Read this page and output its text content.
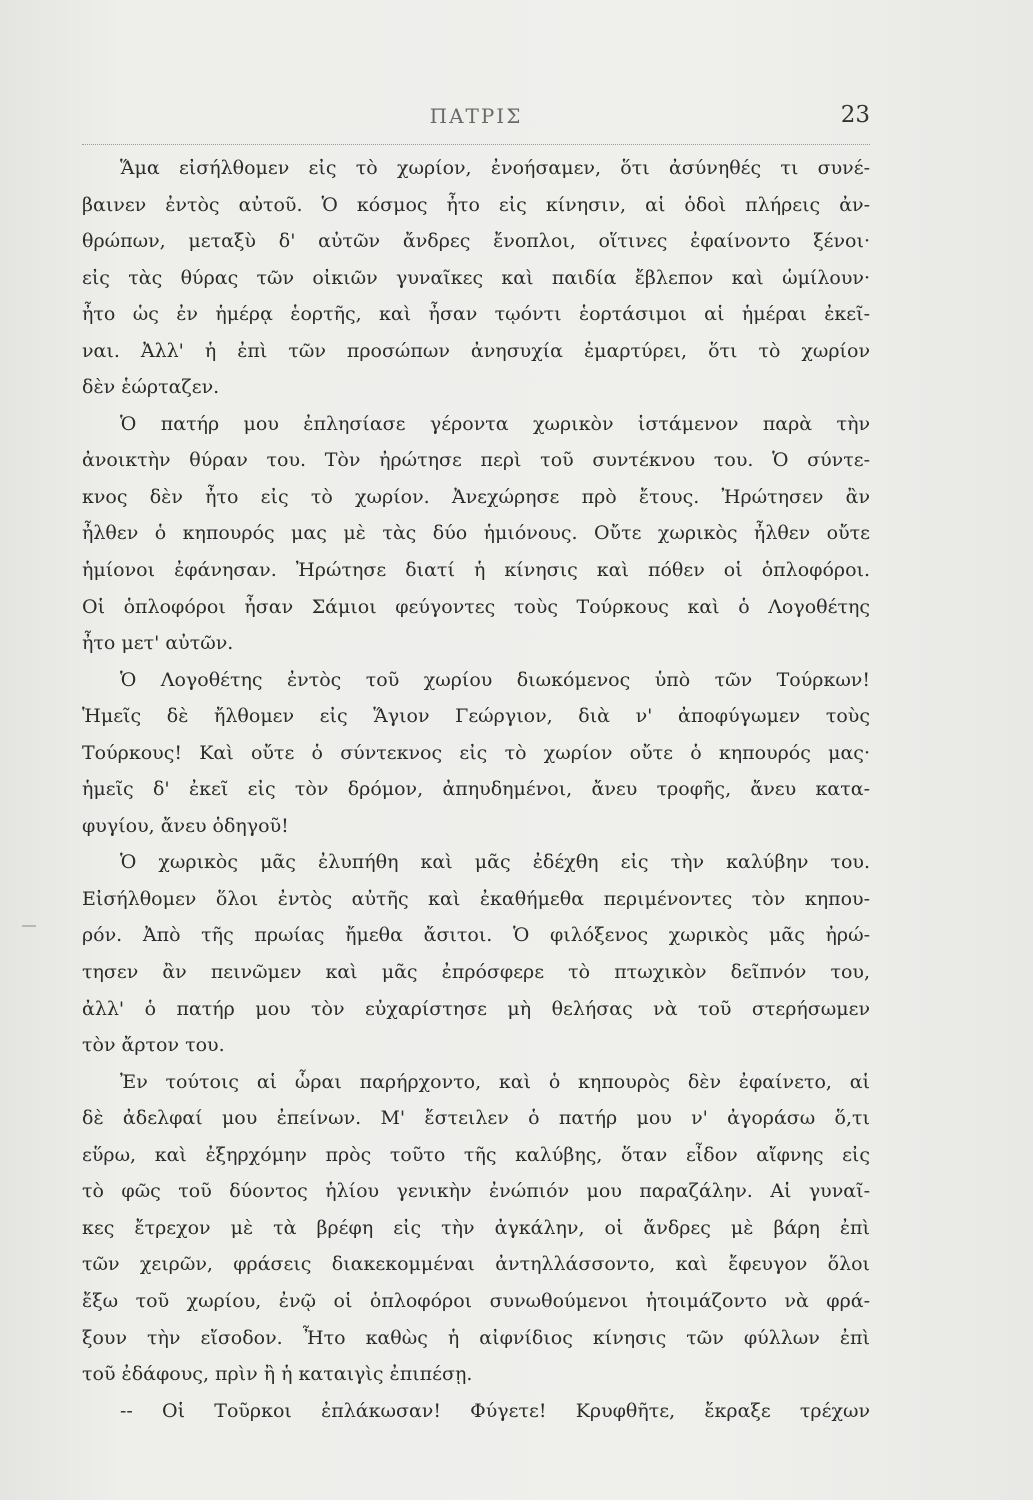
ΠΑΤΡΙΣ	23
Ἅμα εἰσήλθομεν εἰς τὸ χωρίον, ἐνοήσαμεν, ὅτι ἀσύνηθές τι συνέ-
βαινεν ἐντὸς αὐτοῦ. Ὁ κόσμος ἦτο εἰς κίνησιν, αἱ ὁδοὶ πλήρεις ἀν-
θρώπων, μεταξὺ δ' αὐτῶν ἄνδρες ἔνοπλοι, οἵτινες ἐφαίνοντο ξένοι·
εἰς τὰς θύρας τῶν οἰκιῶν γυναῖκες καὶ παιδία ἔβλεπον καὶ ὡμίλουν·
ἦτο ὡς ἐν ἡμέρᾳ ἑορτῆς, καὶ ἦσαν τῳόντι ἑορτάσιμοι αἱ ἡμέραι ἐκεῖ-
ναι. Ἀλλ' ἡ ἐπὶ τῶν προσώπων ἀνησυχία ἐμαρτύρει, ὅτι τὸ χωρίον
δὲν ἑώρταζεν.
Ὁ πατήρ μου ἐπλησίασε γέροντα χωρικὸν ἱστάμενον παρὰ τὴν
ἀνοικτὴν θύραν του. Τὸν ἠρώτησε περὶ τοῦ συντέκνου του. Ὁ σύντε-
κνος δὲν ἦτο εἰς τὸ χωρίον. Ἀνεχώρησε πρὸ ἔτους. Ἠρώτησεν ἂν
ἦλθεν ὁ κηπουρός μας μὲ τὰς δύο ἡμιόνους. Οὔτε χωρικὸς ἦλθεν οὔτε
ἡμίονοι ἐφάνησαν. Ἠρώτησε διατί ἡ κίνησις καὶ πόθεν οἱ ὁπλοφόροι.
Οἱ ὁπλοφόροι ἦσαν Σάμιοι φεύγοντες τοὺς Τούρκους καὶ ὁ Λογοθέτης
ἦτο μετ' αὐτῶν.
Ὁ Λογοθέτης ἐντὸς τοῦ χωρίου διωκόμενος ὑπὸ τῶν Τούρκων!
Ἡμεῖς δὲ ἤλθομεν εἰς Ἅγιον Γεώργιον, διὰ ν' ἀποφύγωμεν τοὺς
Τούρκους! Καὶ οὔτε ὁ σύντεκνος εἰς τὸ χωρίον οὔτε ὁ κηπουρός μας·
ἡμεῖς δ' ἐκεῖ εἰς τὸν δρόμον, ἀπηυδημένοι, ἄνευ τροφῆς, ἄνευ κατα-
φυγίου, ἄνευ ὁδηγοῦ!
Ὁ χωρικὸς μᾶς ἐλυπήθη καὶ μᾶς ἐδέχθη εἰς τὴν καλύβην του.
Εἰσήλθομεν ὅλοι ἐντὸς αὐτῆς καὶ ἐκαθήμεθα περιμένοντες τὸν κηπου-
ρόν. Ἀπὸ τῆς πρωίας ἤμεθα ἄσιτοι. Ὁ φιλόξενος χωρικὸς μᾶς ἠρώ-
τησεν ἂν πεινῶμεν καὶ μᾶς ἐπρόσφερε τὸ πτωχικὸν δεῖπνόν του,
ἀλλ' ὁ πατήρ μου τὸν εὐχαρίστησε μὴ θελήσας νὰ τοῦ στερήσωμεν
τὸν ἄρτον του.
Ἐν τούτοις αἱ ὧραι παρήρχοντο, καὶ ὁ κηπουρὸς δὲν ἐφαίνετο, αἱ
δὲ ἀδελφαί μου ἐπείνων. Μ' ἔστειλεν ὁ πατήρ μου ν' ἀγοράσω ὅ,τι
εὕρω, καὶ ἐξηρχόμην πρὸς τοῦτο τῆς καλύβης, ὅταν εἶδον αἴφνης εἰς
τὸ φῶς τοῦ δύοντος ἡλίου γενικὴν ἐνώπιόν μου παραζάλην. Αἱ γυναῖ-
κες ἔτρεχον μὲ τὰ βρέφη εἰς τὴν ἀγκάλην, οἱ ἄνδρες μὲ βάρη ἐπὶ
τῶν χειρῶν, φράσεις διακεκομμέναι ἀντηλλάσσοντο, καὶ ἔφευγον ὅλοι
ἔξω τοῦ χωρίου, ἐνῷ οἱ ὁπλοφόροι συνωθούμενοι ἡτοιμάζοντο νὰ φρά-
ξουν τὴν εἴσοδον. Ἦτο καθὼς ἡ αἰφνίδιος κίνησις τῶν φύλλων ἐπὶ
τοῦ ἐδάφους, πρὶν ἢ ἡ καταιγὶς ἐπιπέσῃ.
-- Οἱ Τοῦρκοι ἐπλάκωσαν! Φύγετε! Κρυφθῆτε, ἔκραξε τρέχων
